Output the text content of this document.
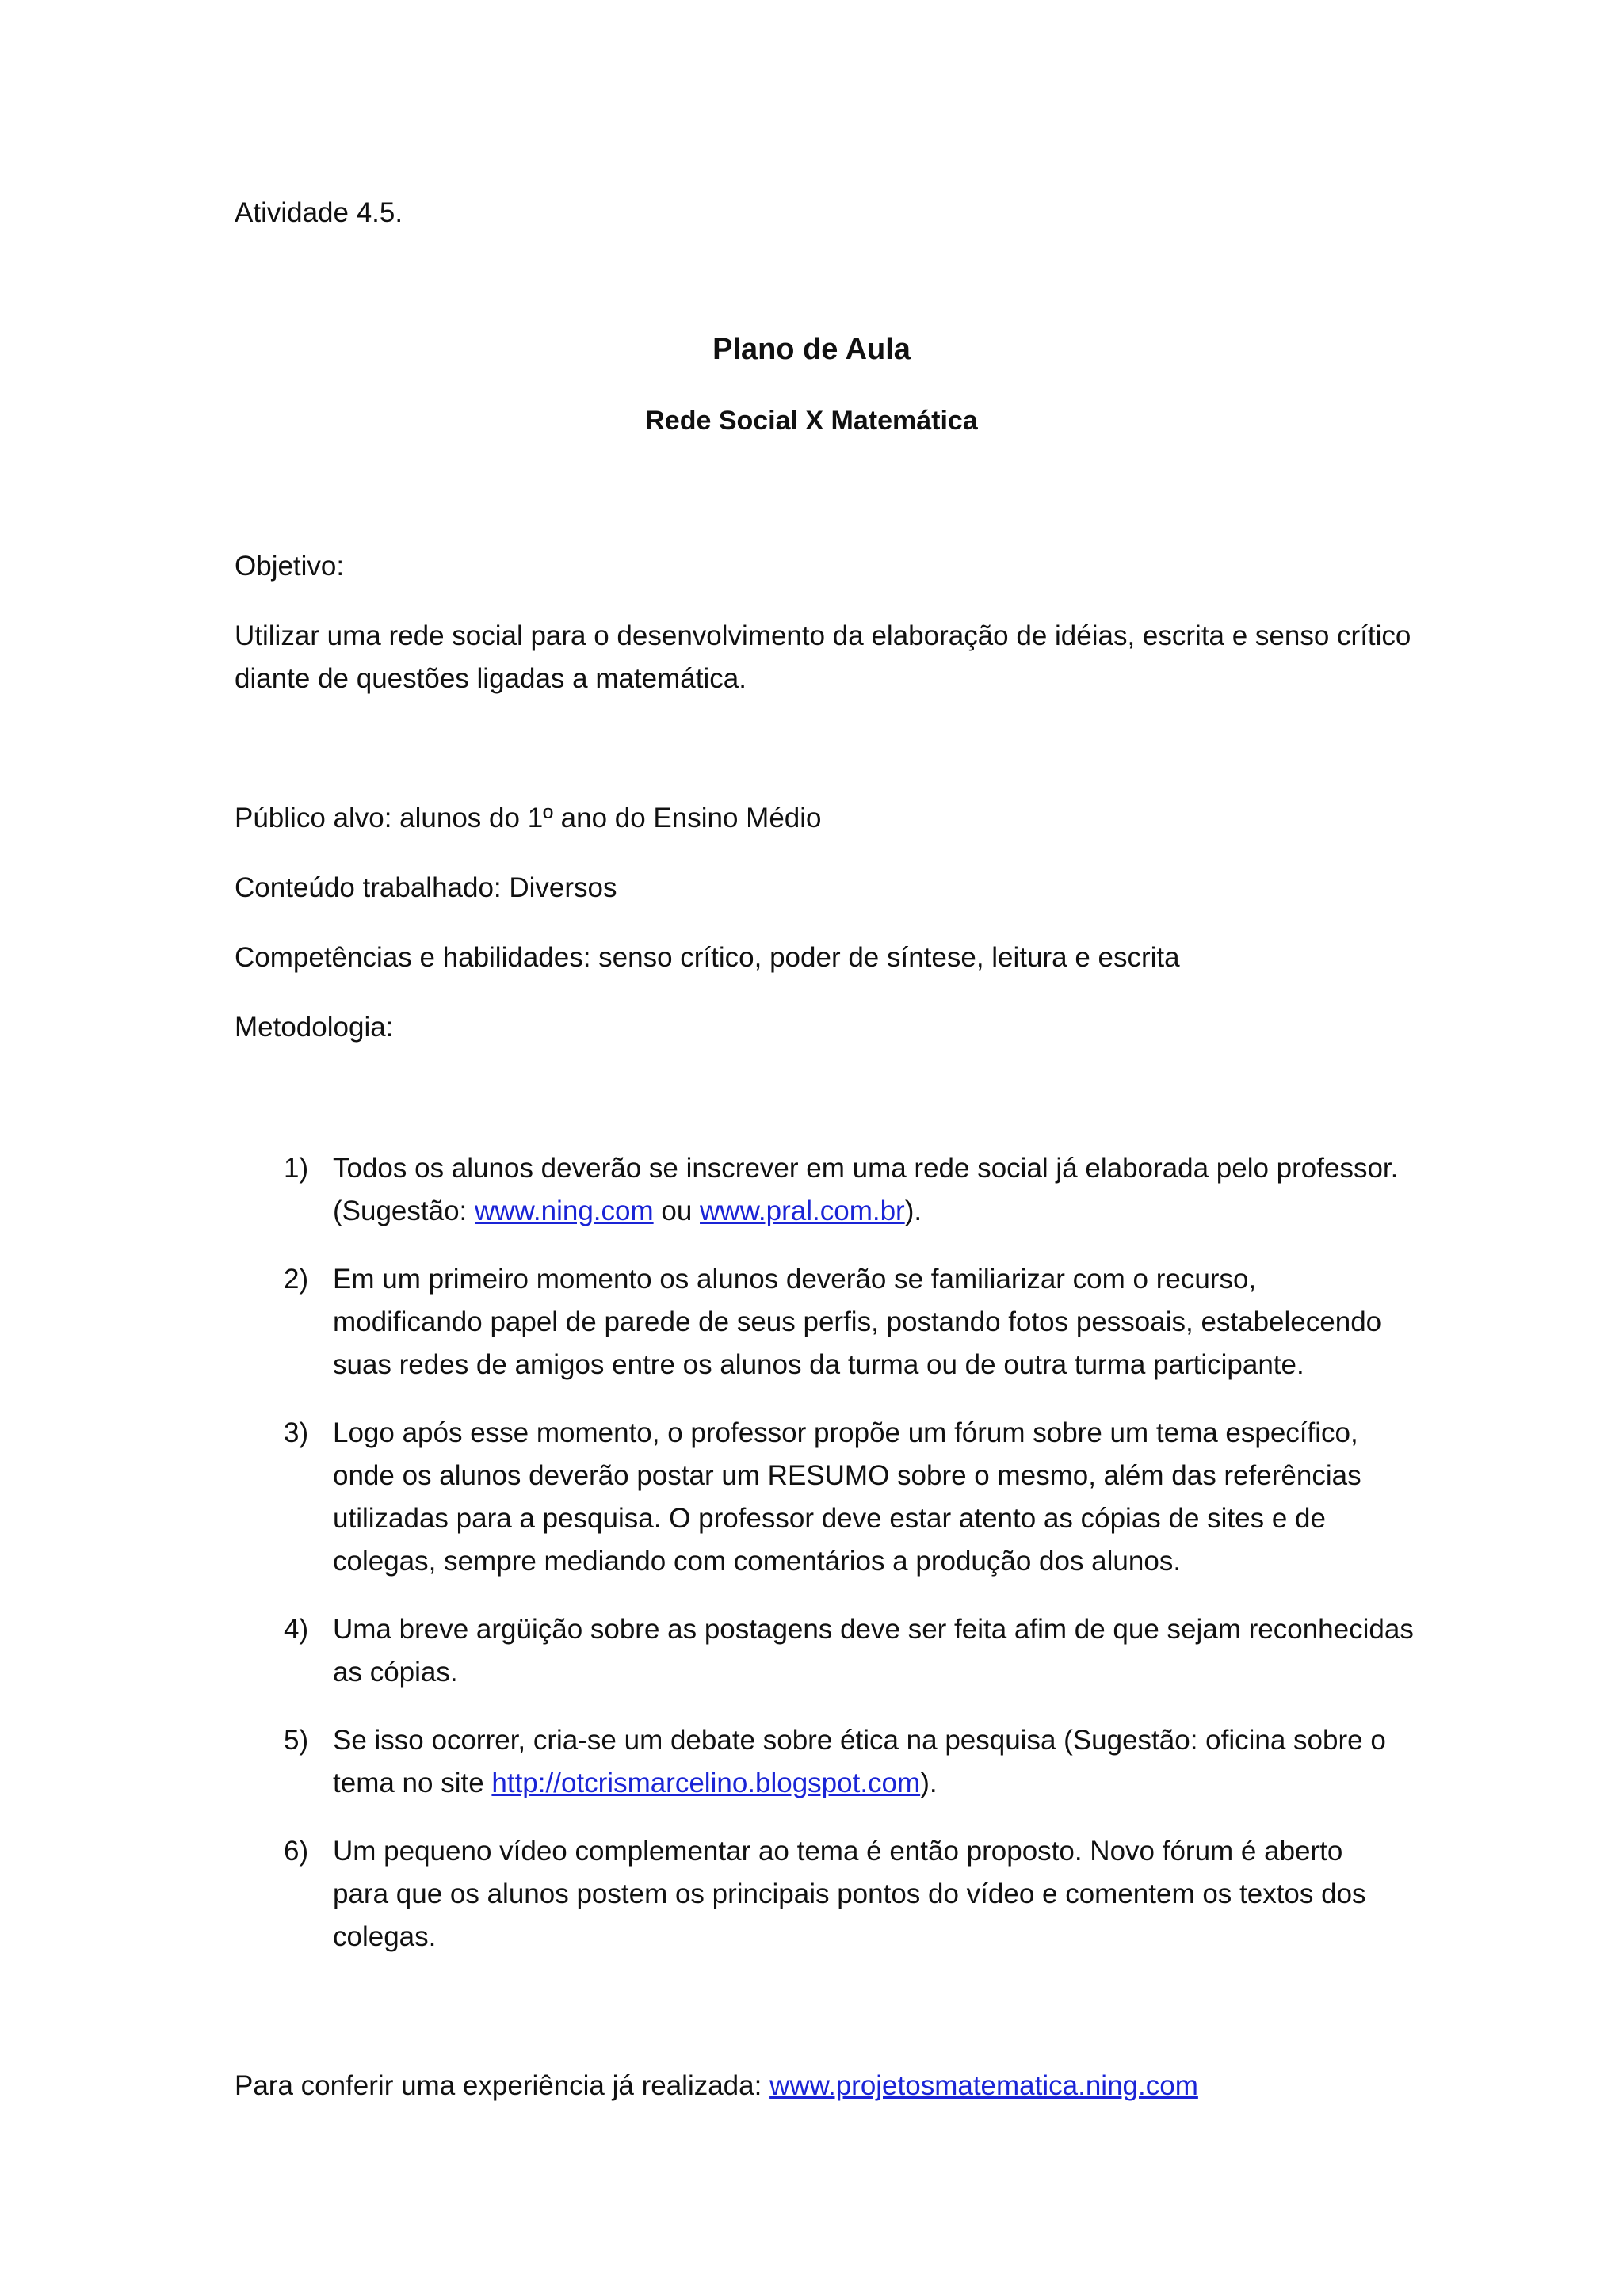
Atividade 4.5.
Plano de Aula
Rede Social X Matemática
Objetivo:
Utilizar uma rede social para o desenvolvimento da elaboração de idéias, escrita e senso crítico
diante de questões ligadas a matemática.
Público alvo: alunos do 1º ano do Ensino Médio
Conteúdo trabalhado: Diversos
Competências e habilidades: senso crítico, poder de síntese, leitura e escrita
Metodologia:
1) Todos os alunos deverão se inscrever em uma rede social já elaborada pelo professor.
(Sugestão: www.ning.com ou www.pral.com.br).
2) Em um primeiro momento os alunos deverão se familiarizar com o recurso,
modificando papel de parede de seus perfis, postando fotos pessoais, estabelecendo
suas redes de amigos entre os alunos da turma ou de outra turma participante.
3) Logo após esse momento, o professor propõe um fórum sobre um tema específico,
onde os alunos deverão postar um RESUMO sobre o mesmo, além das referências
utilizadas para a pesquisa. O professor deve estar atento as cópias de sites e de
colegas, sempre mediando com comentários a produção dos alunos.
4) Uma breve argüição sobre as postagens deve ser feita afim de que sejam reconhecidas
as cópias.
5) Se isso ocorrer, cria-se um debate sobre ética na pesquisa (Sugestão: oficina sobre o
tema no site http://otcrismarcelino.blogspot.com).
6) Um pequeno vídeo complementar ao tema é então proposto. Novo fórum é aberto
para que os alunos postem os principais pontos do vídeo e comentem os textos dos
colegas.
Para conferir uma experiência já realizada: www.projetosmatematica.ning.com
